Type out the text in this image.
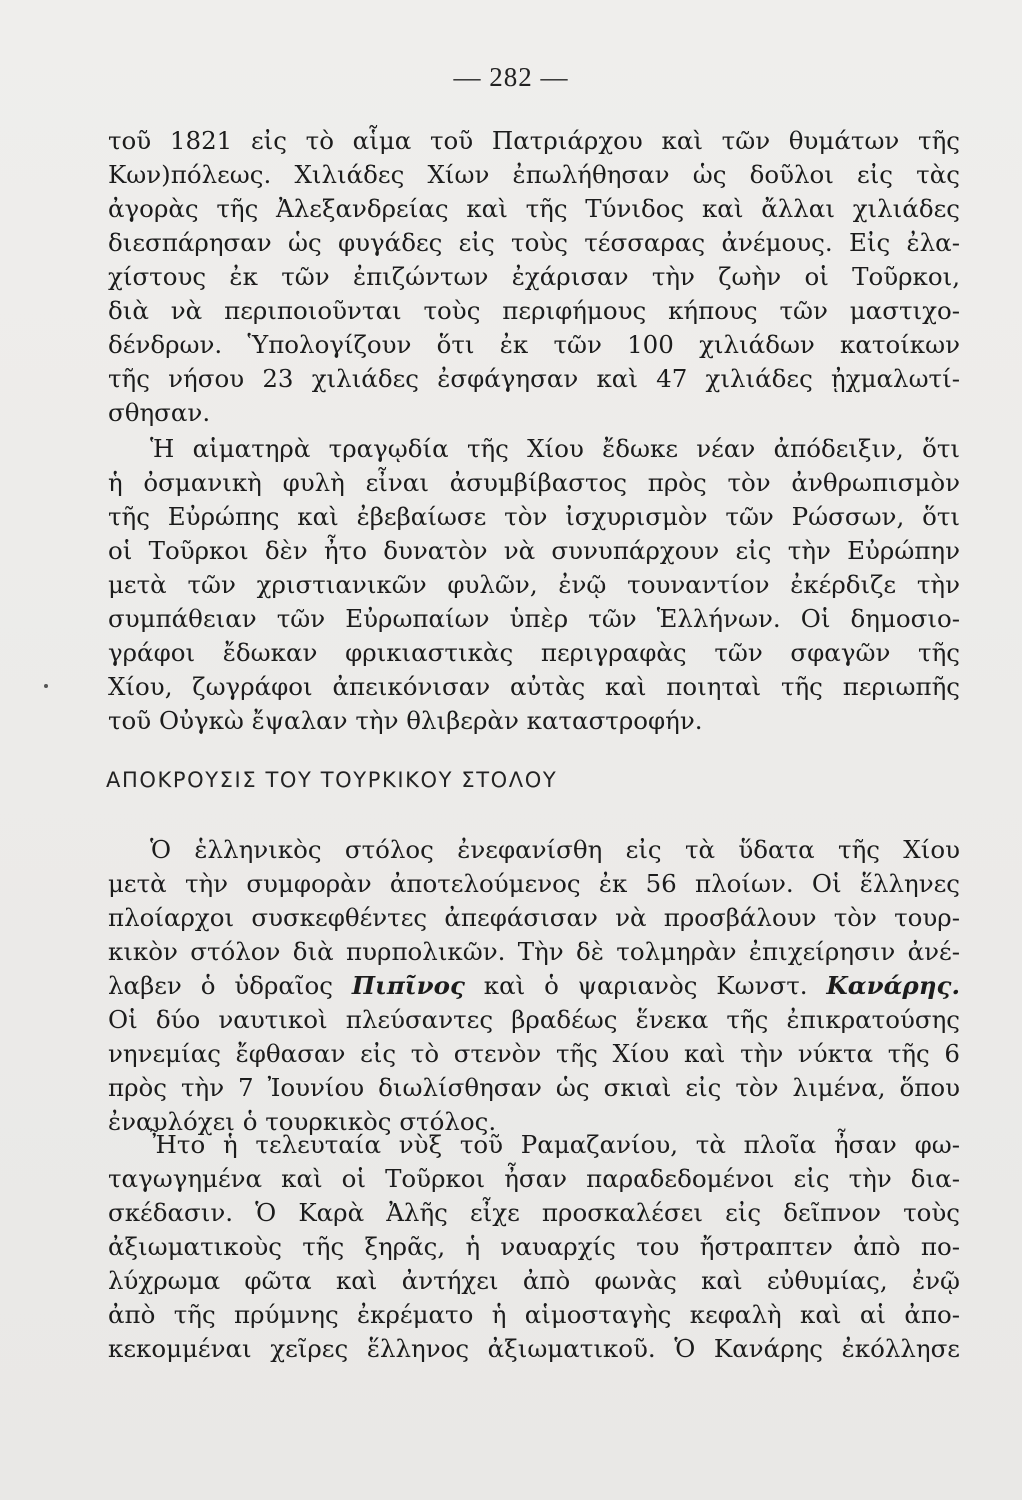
— 282 —
τοῦ 1821 εἰς τὸ αἷμα τοῦ Πατριάρχου καὶ τῶν θυμάτων τῆς
Κων)πόλεως. Χιλιάδες Χίων ἐπωλήθησαν ὡς δοῦλοι εἰς τὰς
ἀγορὰς τῆς Ἀλεξανδρείας καὶ τῆς Τύνιδος καὶ ἄλλαι χιλιάδες
διεσπάρησαν ὡς φυγάδες εἰς τοὺς τέσσαρας ἀνέμους. Εἰς ἐλα-
χίστους ἐκ τῶν ἐπιζώντων ἐχάρισαν τὴν ζωὴν οἱ Τοῦρκοι,
διὰ νὰ περιποιοῦνται τοὺς περιφήμους κήπους τῶν μαστιχο-
δένδρων. Ὑπολογίζουν ὅτι ἐκ τῶν 100 χιλιάδων κατοίκων
τῆς νήσου 23 χιλιάδες ἐσφάγησαν καὶ 47 χιλιάδες ᾐχμαλωτί-
σθησαν.
Ἡ αἱματηρὰ τραγῳδία τῆς Χίου ἔδωκε νέαν ἀπόδειξιν, ὅτι
ἡ ὀσμανικὴ φυλὴ εἶναι ἀσυμβίβαστος πρὸς τὸν ἀνθρωπισμὸν
τῆς Εὐρώπης καὶ ἐβεβαίωσε τὸν ἰσχυρισμὸν τῶν Ρώσσων, ὅτι
οἱ Τοῦρκοι δὲν ἦτο δυνατὸν νὰ συνυπάρχουν εἰς τὴν Εὐρώπην
μετὰ τῶν χριστιανικῶν φυλῶν, ἐνῷ τουναντίον ἐκέρδιζε τὴν
συμπάθειαν τῶν Εὐρωπαίων ὑπὲρ τῶν Ἑλλήνων. Οἱ δημοσιο-
γράφοι ἔδωκαν φρικιαστικὰς περιγραφὰς τῶν σφαγῶν τῆς
Χίου, ζωγράφοι ἀπεικόνισαν αὐτὰς καὶ ποιηταὶ τῆς περιωπῆς
τοῦ Οὐγκὼ ἔψαλαν τὴν θλιβερὰν καταστροφήν.
ΑΠΟΚΡΟΥΣΙΣ ΤΟΥ ΤΟΥΡΚΙΚΟΥ ΣΤΟΛΟΥ
Ὁ ἑλληνικὸς στόλος ἐνεφανίσθη εἰς τὰ ὕδατα τῆς Χίου
μετὰ τὴν συμφορὰν ἀποτελούμενος ἐκ 56 πλοίων. Οἱ ἕλληνες
πλοίαρχοι συσκεφθέντες ἀπεφάσισαν νὰ προσβάλουν τὸν τουρ-
κικὸν στόλον διὰ πυρπολικῶν. Τὴν δὲ τολμηρὰν ἐπιχείρησιν ἀνέ-
λαβεν ὁ ὑδραῖος Πιπῖνος καὶ ὁ ψαριανὸς Κωνστ. Κανάρης.
Οἱ δύο ναυτικοὶ πλεύσαντες βραδέως ἕνεκα τῆς ἐπικρατούσης
νηνεμίας ἔφθασαν εἰς τὸ στενὸν τῆς Χίου καὶ τὴν νύκτα τῆς 6
πρὸς τὴν 7 Ἰουνίου διωλίσθησαν ὡς σκιαὶ εἰς τὸν λιμένα, ὅπου
ἐναυλόχει ὁ τουρκικὸς στόλος.
Ἦτο ἡ τελευταία νὺξ τοῦ Ραμαζανίου, τὰ πλοῖα ἦσαν φω-
ταγωγημένα καὶ οἱ Τοῦρκοι ἦσαν παραδεδομένοι εἰς τὴν δια-
σκέδασιν. Ὁ Καρὰ Ἀλῆς εἶχε προσκαλέσει εἰς δεῖπνον τοὺς
ἀξιωματικοὺς τῆς ξηρᾶς, ἡ ναυαρχίς του ἤστραπτεν ἀπὸ πο-
λύχρωμα φῶτα καὶ ἀντήχει ἀπὸ φωνὰς καὶ εὐθυμίας, ἐνῷ
ἀπὸ τῆς πρύμνης ἐκρέματο ἡ αἱμοσταγὴς κεφαλὴ καὶ αἱ ἀπο-
κεκομμέναι χεῖρες ἕλληνος ἀξιωματικοῦ. Ὁ Κανάρης ἐκόλλησε
